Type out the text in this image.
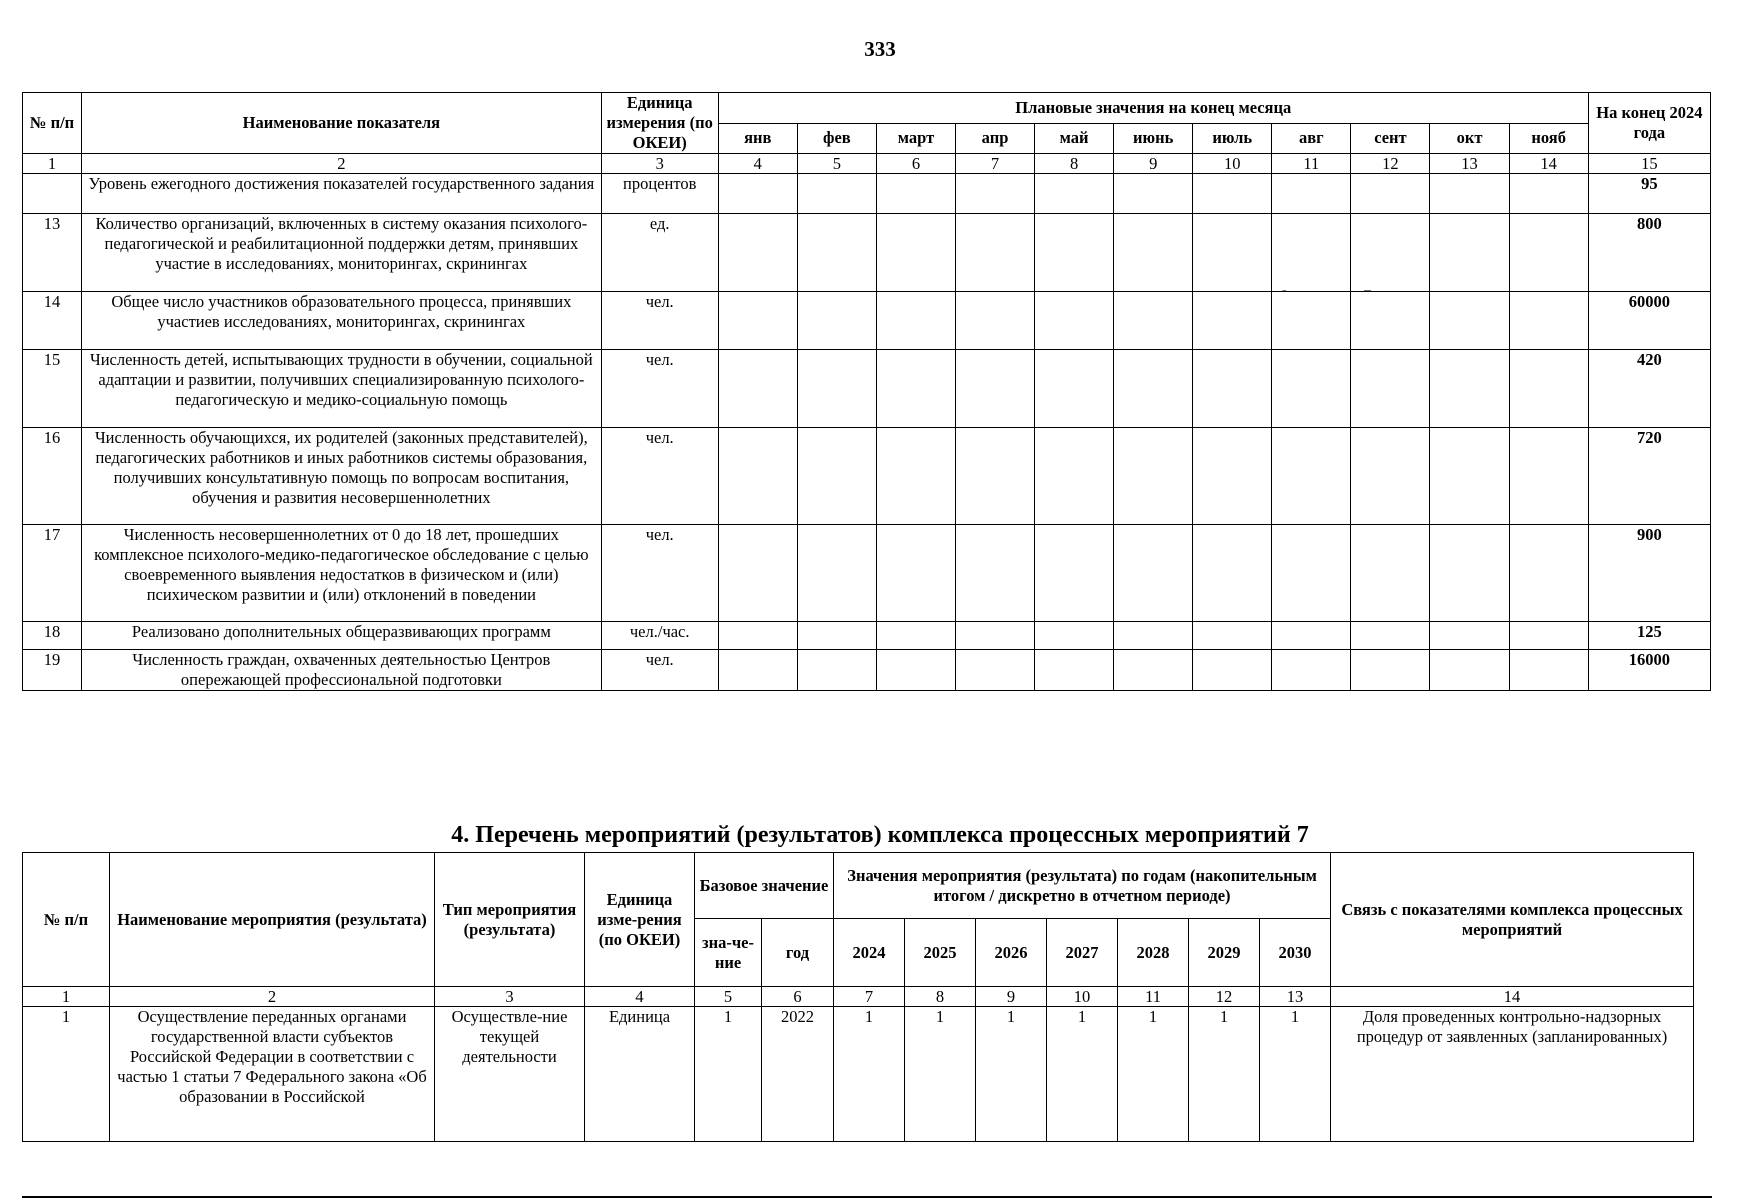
333
№ п/п	Наименование показателя	Единица измерения (по ОКЕИ)	Плановые значения на конец месяца											На конец 2024 года
			янв	фев	март	апр	май	июнь	июль	авг	сент	окт	нояб	
1	2	3	4	5	6	7	8	9	10	11	12	13	14	15
	Уровень ежегодного достижения показателей государственного задания	процентов												95
13	Количество организаций, включенных в систему оказания психолого-педагогической и реабилитационной поддержки детям, принявших участие в исследованиях, мониторингах, скринингах	ед.												800
14	Общее число участников образовательного процесса, принявших участиев исследованиях, мониторингах, скринингах	чел.												60000
15	Численность детей, испытывающих трудности в обучении, социальной адаптации и развитии, получивших специализированную психолого-педагогическую и медико-социальную помощь	чел.												420
16	Численность обучающихся, их родителей (законных представителей), педагогических работников и иных работников системы образования, получивших консультативную помощь по вопросам воспитания, обучения и развития несовершеннолетних	чел.												720
17	Численность несовершеннолетних от 0 до 18 лет, прошедших комплексное психолого-медико-педагогическое обследование с целью своевременного выявления недостатков в физическом и (или) психическом развитии и (или) отклонений в поведении	чел.												900
18	Реализовано дополнительных общеразвивающих программ	чел./час.												125
19	Численность граждан, охваченных деятельностью Центров опережающей профессиональной подготовки	чел.												16000
-	–
4. Перечень мероприятий (результатов) комплекса процессных мероприятий 7
№ п/п	Наименование мероприятия (результата)	Тип мероприятия (результата)	Единица изме-рения (по ОКЕИ)	Базовое значение		Значения мероприятия (результата) по годам (накопительным итогом / дискретно в отчетном периоде)							Связь с показателями комплекса процессных мероприятий
				зна-че-ние	год	2024	2025	2026	2027	2028	2029	2030	
1	2	3	4	5	6	7	8	9	10	11	12	13	14
1	Осуществление переданных органами государственной власти субъектов Российской Федерации в соответствии с частью 1 статьи 7 Федерального закона «Об образовании в Российской	Осуществле-ние текущей деятельности	Единица	1	2022	1	1	1	1	1	1	1	Доля проведенных контрольно-надзорных процедур от заявленных (запланированных)
